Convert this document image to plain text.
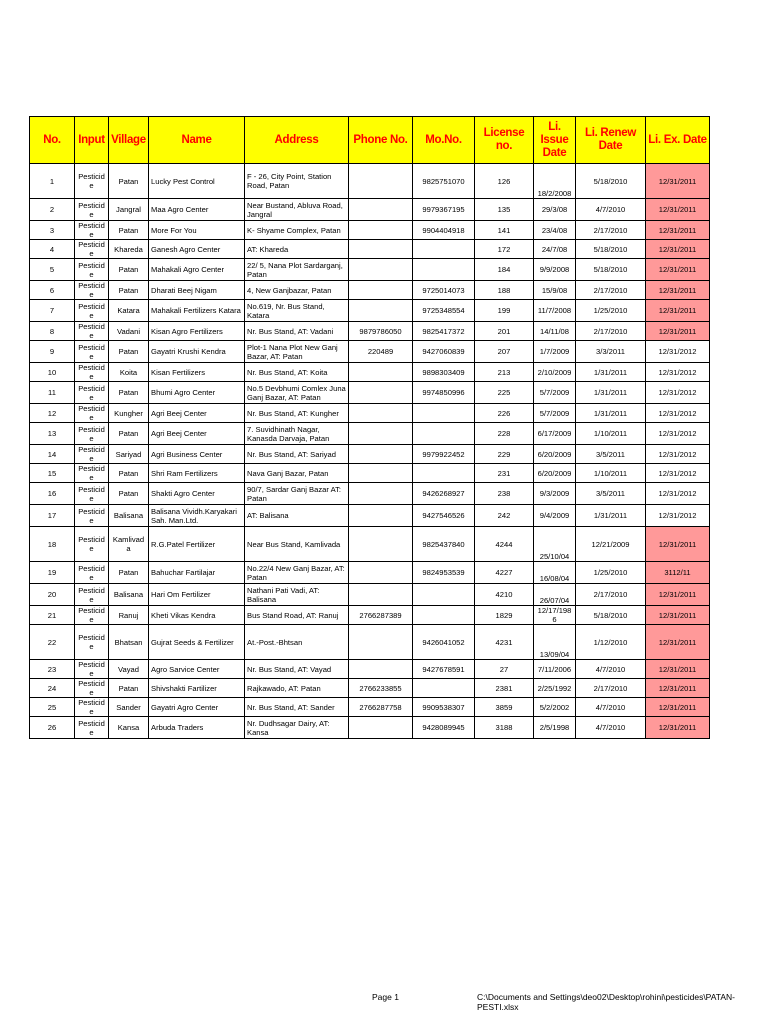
No.	Input	Village	Name	Address	Phone No.	Mo.No.	License no.	Li. Issue Date	Li. Renew Date	Li. Ex. Date
1	Pesticide	Patan	Lucky Pest Control	F - 26, City Point, Station Road, Patan		9825751070	126	18/2/2008	5/18/2010	12/31/2011
2	Pesticide	Jangral	Maa Agro Center	Near Bustand, Abluva Road, Jangral		9979367195	135	29/3/08	4/7/2010	12/31/2011
3	Pesticide	Patan	More For You	K- Shyame Complex, Patan		9904404918	141	23/4/08	2/17/2010	12/31/2011
4	Pesticide	Khareda	Ganesh Agro Center	AT: Khareda			172	24/7/08	5/18/2010	12/31/2011
5	Pesticide	Patan	Mahakali Agro Center	22/ 5, Nana Plot Sardarganj, Patan			184	9/9/2008	5/18/2010	12/31/2011
6	Pesticide	Patan	Dharati Beej Nigam	4, New Ganjbazar, Patan		9725014073	188	15/9/08	2/17/2010	12/31/2011
7	Pesticide	Katara	Mahakali Fertilizers Katara	No.619, Nr. Bus Stand, Katara		9725348554	199	11/7/2008	1/25/2010	12/31/2011
8	Pesticide	Vadani	Kisan Agro Fertilizers	Nr. Bus Stand, AT: Vadani	9879786050	9825417372	201	14/11/08	2/17/2010	12/31/2011
9	Pesticide	Patan	Gayatri Krushi Kendra	Plot-1 Nana Plot New Ganj Bazar, AT: Patan	220489	9427060839	207	1/7/2009	3/3/2011	12/31/2012
10	Pesticide	Koita	Kisan Fertilizers	Nr. Bus Stand, AT: Koita		9898303409	213	2/10/2009	1/31/2011	12/31/2012
11	Pesticide	Patan	Bhumi Agro Center	No.5 Devbhumi Comlex Juna Ganj Bazar, AT: Patan		9974850996	225	5/7/2009	1/31/2011	12/31/2012
12	Pesticide	Kungher	Agri Beej Center	Nr. Bus Stand, AT: Kungher			226	5/7/2009	1/31/2011	12/31/2012
13	Pesticide	Patan	Agri Beej Center	7. Suvidhinath Nagar, Kanasda Darvaja, Patan			228	6/17/2009	1/10/2011	12/31/2012
14	Pesticide	Sariyad	Agri Business Center	Nr. Bus Stand, AT: Sariyad		9979922452	229	6/20/2009	3/5/2011	12/31/2012
15	Pesticide	Patan	Shri Ram Fertilizers	Nava Ganj Bazar, Patan			231	6/20/2009	1/10/2011	12/31/2012
16	Pesticide	Patan	Shakti Agro Center	90/7, Sardar Ganj Bazar AT: Patan		9426268927	238	9/3/2009	3/5/2011	12/31/2012
17	Pesticide	Balisana	Balisana Vividh.Karyakari Sah. Man.Ltd.	AT: Balisana		9427546526	242	9/4/2009	1/31/2011	12/31/2012
18	Pesticide	Kamlivada	R.G.Patel Fertilizer	Near Bus Stand, Kamlivada		9825437840	4244	25/10/04	12/21/2009	12/31/2011
19	Pesticide	Patan	Bahuchar Fartilajar	No.22/4 New Ganj Bazar, AT: Patan		9824953539	4227	16/08/04	1/25/2010	3112/11
20	Pesticide	Balisana	Hari Om Fertilizer	Nathani Pati Vadi, AT: Balisana			4210	26/07/04	2/17/2010	12/31/2011
21	Pesticide	Ranuj	Kheti Vikas Kendra	Bus Stand Road, AT: Ranuj	2766287389		1829	12/17/1986	5/18/2010	12/31/2011
22	Pesticide	Bhatsan	Gujrat Seeds & Fertilizer	At.-Post.-Bhtsan		9426041052	4231	13/09/04	1/12/2010	12/31/2011
23	Pesticide	Vayad	Agro Sarvice Center	Nr. Bus Stand, AT: Vayad		9427678591	27	7/11/2006	4/7/2010	12/31/2011
24	Pesticide	Patan	Shivshakti Fartilizer	Rajkawado, AT: Patan	2766233855		2381	2/25/1992	2/17/2010	12/31/2011
25	Pesticide	Sander	Gayatri Agro Center	Nr. Bus Stand, AT: Sander	2766287758	9909538307	3859	5/2/2002	4/7/2010	12/31/2011
26	Pesticide	Kansa	Arbuda Traders	Nr. Dudhsagar Dairy, AT: Kansa		9428089945	3188	2/5/1998	4/7/2010	12/31/2011
Page 1	C:\Documents and Settings\deo02\Desktop\rohini\pesticides\PATAN-PESTI.xlsx
